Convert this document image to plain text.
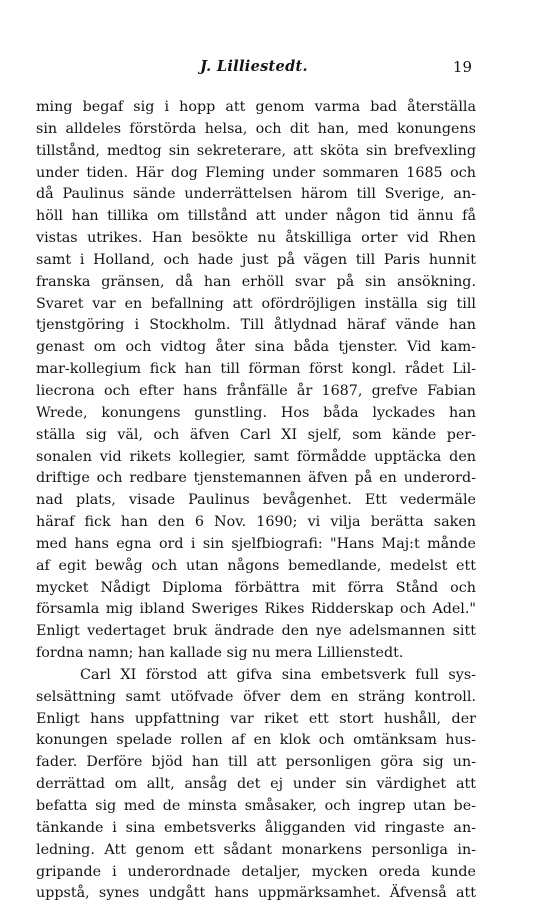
J. Lilliestedt.	19
ming begaf sig i hopp att genom varma bad återställa
sin alldeles förstörda helsa, och dit han, med konungens
tillstånd, medtog sin sekreterare, att sköta sin brefvexling
under tiden. Här dog Fleming under sommaren 1685 och
då Paulinus sände underrättelsen härom till Sverige, an-
höll han tillika om tillstånd att under någon tid ännu få
vistas utrikes. Han besökte nu åtskilliga orter vid Rhen
samt i Holland, och hade just på vägen till Paris hunnit
franska gränsen, då han erhöll svar på sin ansökning.
Svaret var en befallning att ofördröjligen inställa sig till
tjenstgöring i Stockholm. Till åtlydnad häraf vände han
genast om och vidtog åter sina båda tjenster. Vid kam-
mar-kollegium fick han till förman först kongl. rådet Lil-
liecrona och efter hans frånfälle år 1687, grefve Fabian
Wrede, konungens gunstling. Hos båda lyckades han
ställa sig väl, och äfven Carl XI sjelf, som kände per-
sonalen vid rikets kollegier, samt förmådde upptäcka den
driftige och redbare tjenstemannen äfven på en underord-
nad plats, visade Paulinus bevågenhet. Ett vedermäle
häraf fick han den 6 Nov. 1690; vi vilja berätta saken
med hans egna ord i sin sjelfbiografi: "Hans Maj:t månde
af egit bewåg och utan någons bemedlande, medelst ett
mycket Nådigt Diploma förbättra mit förra Stånd och
församla mig ibland Sweriges Rikes Ridderskap och Adel."
Enligt vedertaget bruk ändrade den nye adelsmannen sitt
fordna namn; han kallade sig nu mera Lillienstedt.
Carl XI förstod att gifva sina embetsverk full sys-
selsättning samt utöfvade öfver dem en sträng kontroll.
Enligt hans uppfattning var riket ett stort hushåll, der
konungen spelade rollen af en klok och omtänksam hus-
fader. Derföre bjöd han till att personligen göra sig un-
derrättad om allt, ansåg det ej under sin värdighet att
befatta sig med de minsta småsaker, och ingrep utan be-
tänkande i sina embetsverks åligganden vid ringaste an-
ledning. Att genom ett sådant monarkens personliga in-
gripande i underordnade detaljer, mycken oreda kunde
uppstå, synes undgått hans uppmärksamhet. Äfvenså att
